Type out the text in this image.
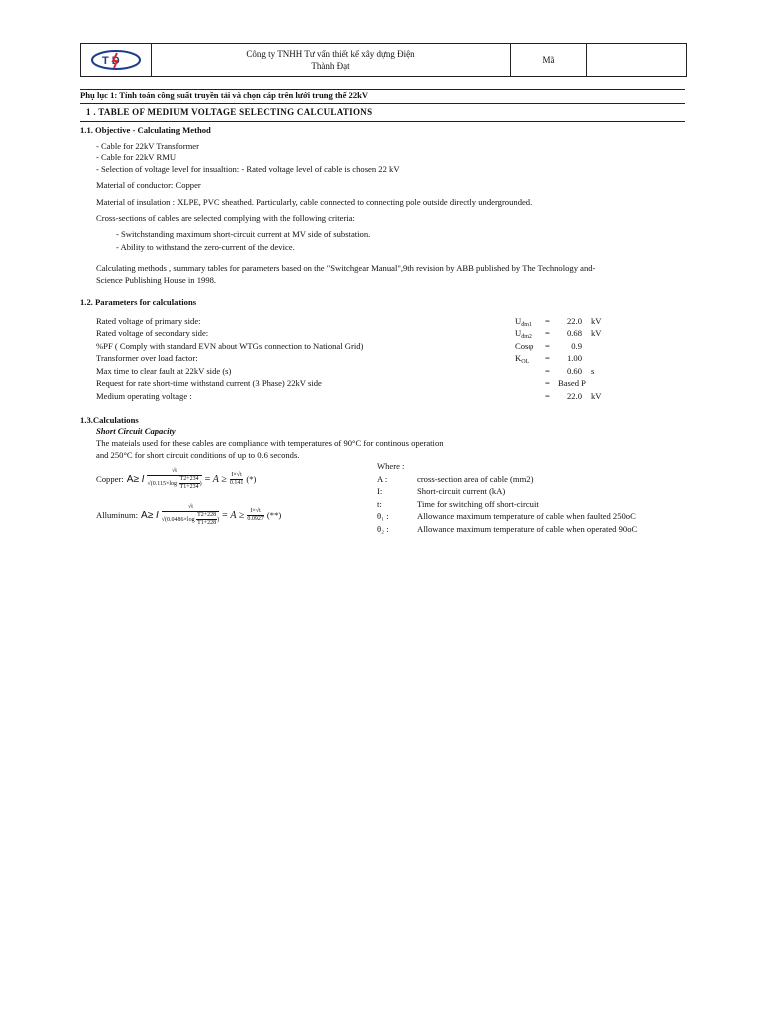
T D
Công ty TNHH Tư vấn thiết kế xây dựng Điện
Thành Đạt
Mã
Phụ lục 1: Tính toán công suất truyền tải và chọn cáp trên lưới trung thế 22kV
1 . TABLE OF MEDIUM VOLTAGE SELECTING CALCULATIONS
1.1. Objective - Calculating Method
- Cable for 22kV Transformer
- Cable for 22kV RMU
- Selection of voltage level for insualtion: - Rated voltage level of cable is chosen 22 kV
Material of conductor: Copper
Material of insulation : XLPE, PVC sheathed. Particularly, cable connected to connecting pole outside directly undergrounded.
Cross-sections of cables are selected complying with the following criteria:
- Switchstanding maximum short-circuit current at MV side of substation.
- Ability to withstand the zero-current of the device.
Calculating methods , summary tables for parameters based on the "Switchgear Manual",9th revision by ABB published by The Technology and-
Science Publishing House in 1998.
1.2. Parameters for calculations
Rated voltage of primary side:	$U_{đm1}$ =	22.0 kV
Rated voltage of secondary side:	$U_{đm2}$ =	0.68 kV
%PF ( Comply with standard EVN about WTGs connection to National Grid)	Cosφ =	0.9
Transformer over load factor:	$K_{OL}$ =	1.00
Max time to clear fault at 22kV side (s)	=	0.60 s
Request for rate short-time withstand current (3 Phase) 22kV side	= Based P
Medium operating voltage :	=	22.0 kV
1.3.Calculations
Short Circuit Capacity
The mateials used for these cables are compliance with temperatures of 90°C for continous operation
and 250°C for short circuit conditions of up to 0.6 seconds.
Copper: A≥ I $\frac{√t}{√(0.115\times\log \frac{T2+234}{T1+234} )} = A \ge \frac{I\times√t}{0.141}$ (*)
Alluminum: A≥ I $\frac{√t}{√(0.0486\times\log \frac{T2+228}{T1+228} )} = A \ge \frac{I\times√t}{0.0927}$ (**)
Where :
A :	cross-section area of cable (mm2)
I:	Short-circuit current (kA)
t:	Time for switching off short-circuit
θ₁ :	Allowance maximum temperature of cable when faulted 250oC
θ₂ :	Allowance maximum temperature of cable when operated 90oC
